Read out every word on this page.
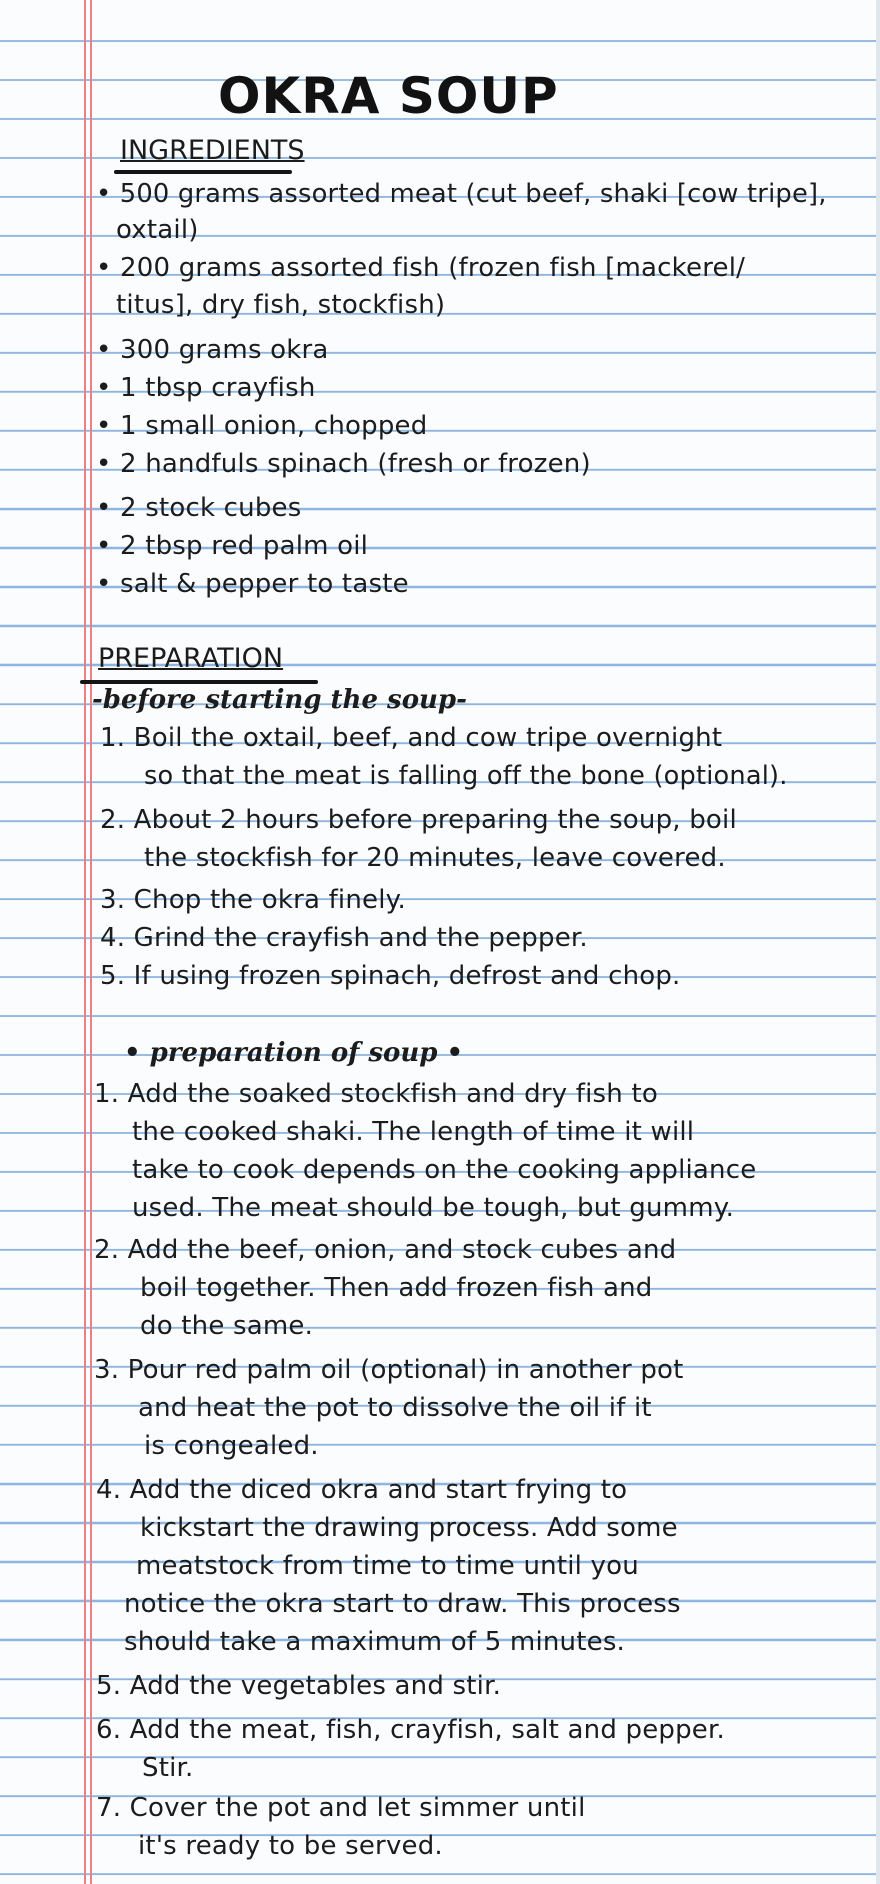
OKRA SOUP
INGREDIENTS
• 500 grams assorted meat (cut beef, shaki [cow tripe],
oxtail)
• 200 grams assorted fish (frozen fish [mackerel/
titus], dry fish, stockfish)
• 300 grams okra
• 1 tbsp crayfish
• 1 small onion, chopped
• 2 handfuls spinach (fresh or frozen)
• 2 stock cubes
• 2 tbsp red palm oil
• salt & pepper to taste
PREPARATION
-before starting the soup-
1. Boil the oxtail, beef, and cow tripe overnight
so that the meat is falling off the bone (optional).
2. About 2 hours before preparing the soup, boil
the stockfish for 20 minutes, leave covered.
3. Chop the okra finely.
4. Grind the crayfish and the pepper.
5. If using frozen spinach, defrost and chop.
• preparation of soup •
1. Add the soaked stockfish and dry fish to
the cooked shaki. The length of time it will
take to cook depends on the cooking appliance
used. The meat should be tough, but gummy.
2. Add the beef, onion, and stock cubes and
boil together. Then add frozen fish and
do the same.
3. Pour red palm oil (optional) in another pot
and heat the pot to dissolve the oil if it
is congealed.
4. Add the diced okra and start frying to
kickstart the drawing process. Add some
meatstock from time to time until you
notice the okra start to draw. This process
should take a maximum of 5 minutes.
5. Add the vegetables and stir.
6. Add the meat, fish, crayfish, salt and pepper.
Stir.
7. Cover the pot and let simmer until
it's ready to be served.
